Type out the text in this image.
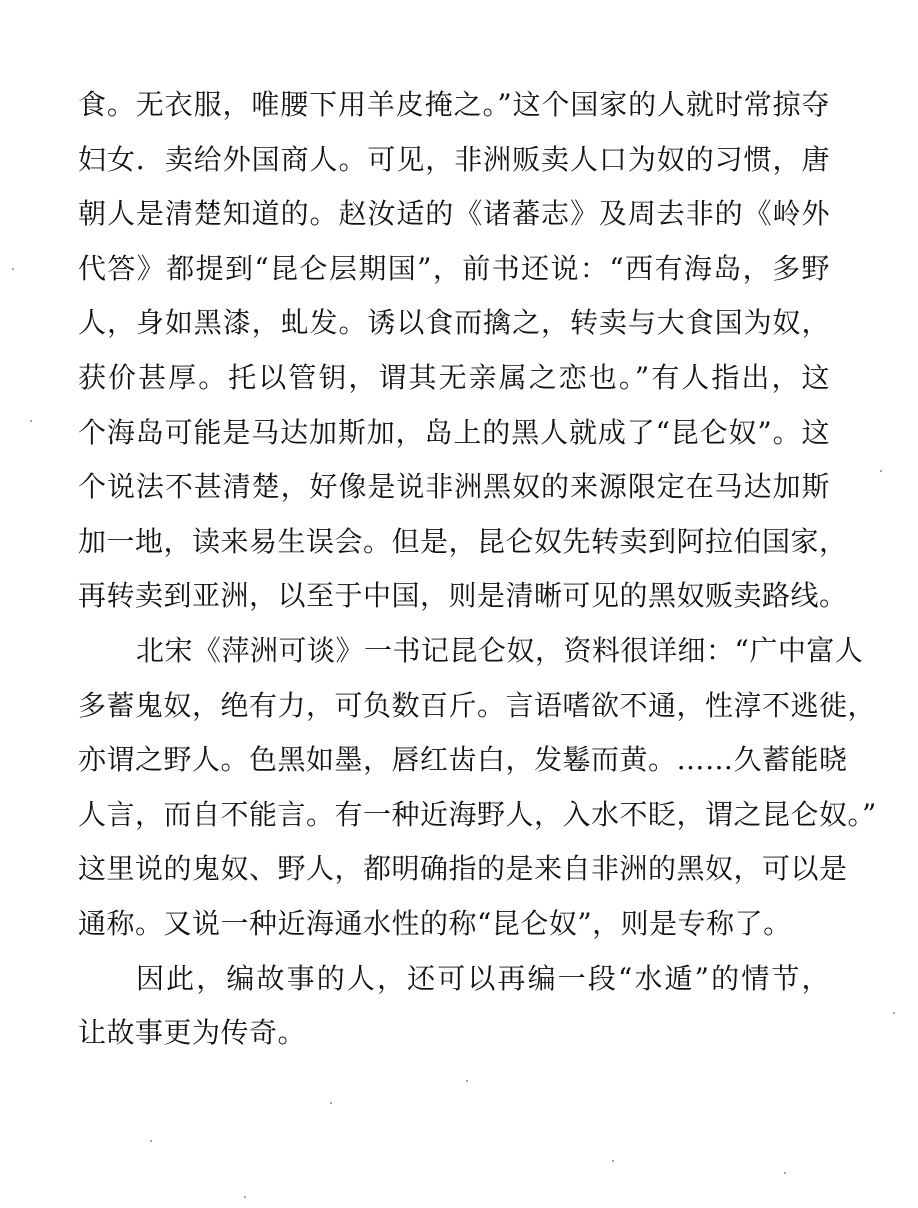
食。无衣服，唯腰下用羊皮掩之。”这个国家的人就时常掠夺
妇女．卖给外国商人。可见，非洲贩卖人口为奴的习惯，唐
朝人是清楚知道的。赵汝适的《诸蕃志》及周去非的《岭外
代答》都提到“昆仑层期国”，前书还说：“西有海岛，多野
人，身如黑漆，虬发。诱以食而擒之，转卖与大食国为奴，
获价甚厚。托以管钥，谓其无亲属之恋也。”有人指出，这
个海岛可能是马达加斯加，岛上的黑人就成了“昆仑奴”。这
个说法不甚清楚，好像是说非洲黑奴的来源限定在马达加斯
加一地，读来易生误会。但是，昆仑奴先转卖到阿拉伯国家，
再转卖到亚洲，以至于中国，则是清晰可见的黑奴贩卖路线。
北宋《萍洲可谈》一书记昆仑奴，资料很详细：“广中富人
多蓄鬼奴，绝有力，可负数百斤。言语嗜欲不通，性淳不逃徙，
亦谓之野人。色黑如墨，唇红齿白，发鬈而黄。……久蓄能晓
人言，而自不能言。有一种近海野人，入水不眨，谓之昆仑奴。”
这里说的鬼奴、野人，都明确指的是来自非洲的黑奴，可以是
通称。又说一种近海通水性的称“昆仑奴”，则是专称了。
因此，编故事的人，还可以再编一段“水遁”的情节，
让故事更为传奇。
